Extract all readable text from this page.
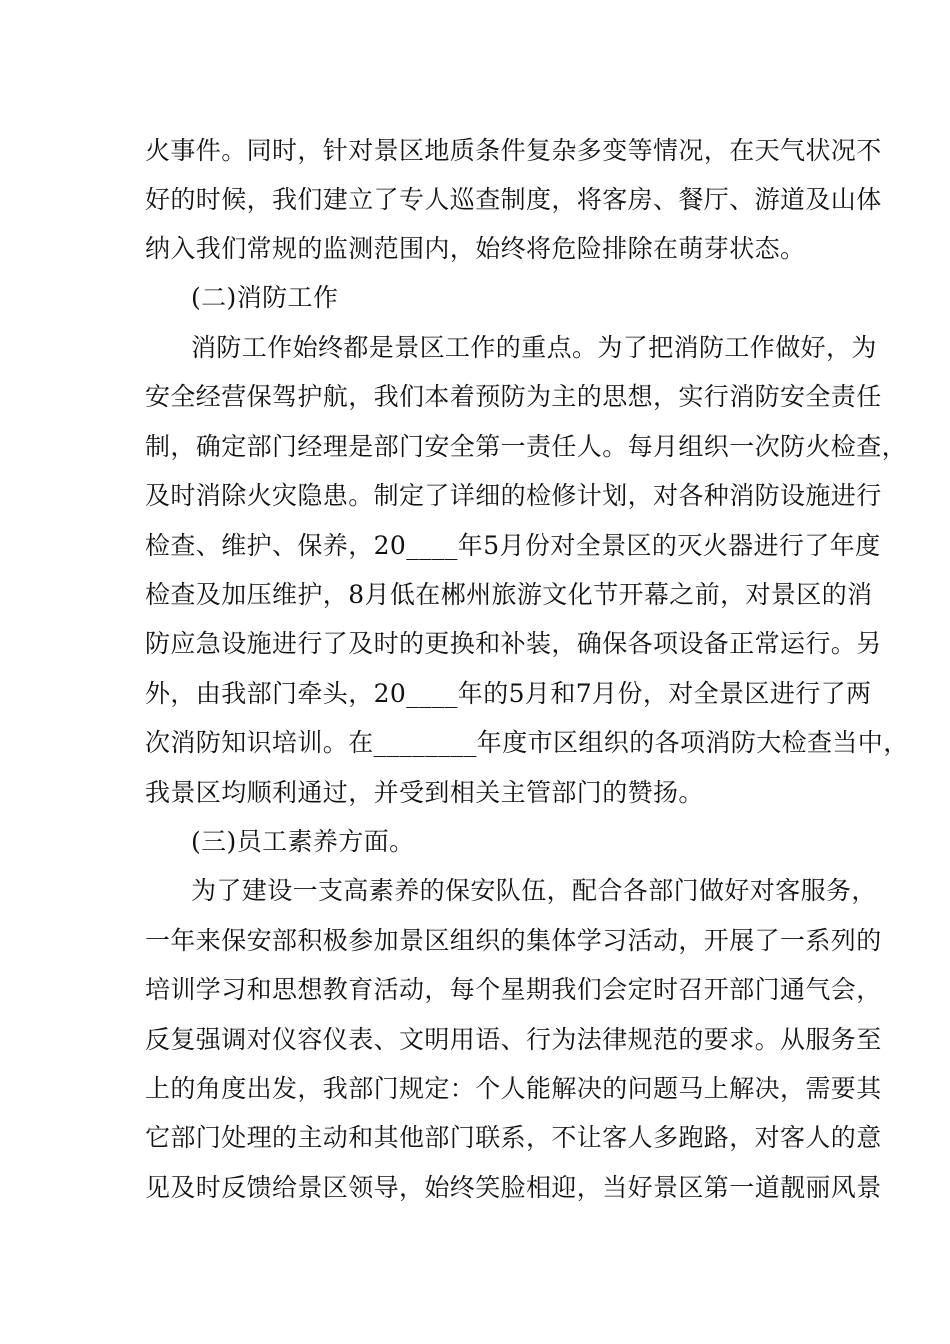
火事件。同时，针对景区地质条件复杂多变等情况，在天气状况不
好的时候，我们建立了专人巡查制度，将客房、餐厅、游道及山体
纳入我们常规的监测范围内，始终将危险排除在萌芽状态。
(二)消防工作
消防工作始终都是景区工作的重点。为了把消防工作做好，为
安全经营保驾护航，我们本着预防为主的思想，实行消防安全责任
制，确定部门经理是部门安全第一责任人。每月组织一次防火检查，
及时消除火灾隐患。制定了详细的检修计划，对各种消防设施进行
检查、维护、保养，20____年5月份对全景区的灭火器进行了年度
检查及加压维护，8月低在郴州旅游文化节开幕之前，对景区的消
防应急设施进行了及时的更换和补装，确保各项设备正常运行。另
外，由我部门牵头，20____年的5月和7月份，对全景区进行了两
次消防知识培训。在________年度市区组织的各项消防大检查当中，
我景区均顺利通过，并受到相关主管部门的赞扬。
(三)员工素养方面。
为了建设一支高素养的保安队伍，配合各部门做好对客服务，
一年来保安部积极参加景区组织的集体学习活动，开展了一系列的
培训学习和思想教育活动，每个星期我们会定时召开部门通气会，
反复强调对仪容仪表、文明用语、行为法律规范的要求。从服务至
上的角度出发，我部门规定：个人能解决的问题马上解决，需要其
它部门处理的主动和其他部门联系，不让客人多跑路，对客人的意
见及时反馈给景区领导，始终笑脸相迎，当好景区第一道靓丽风景
